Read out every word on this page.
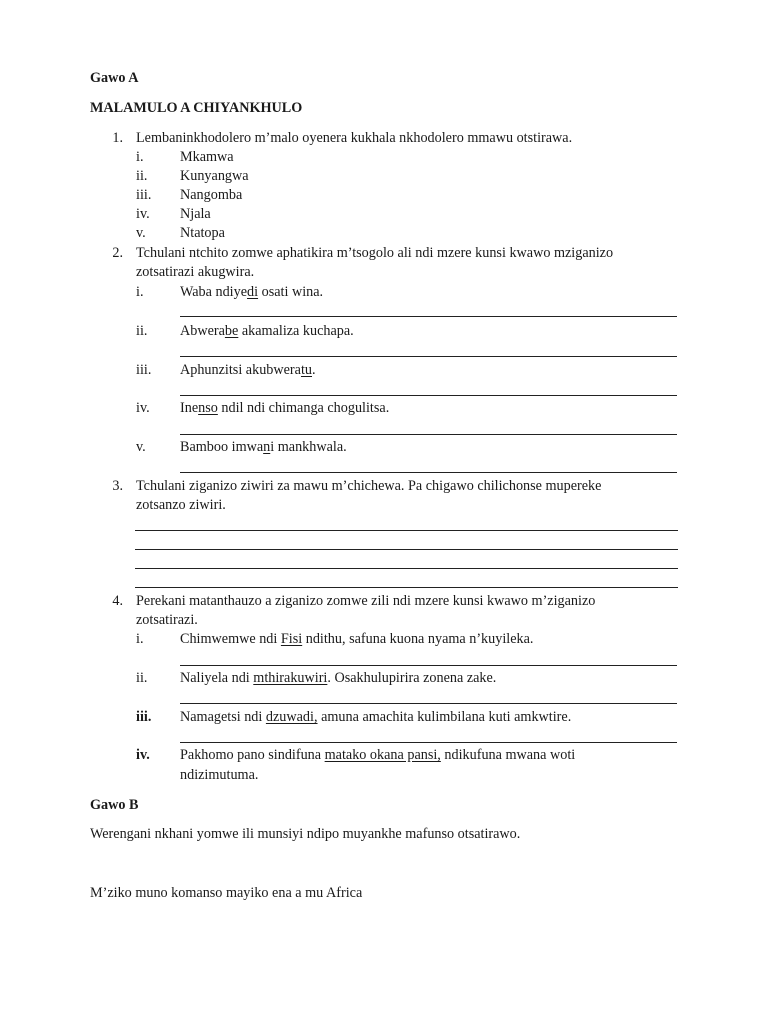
Gawo A
MALAMULO A CHIYANKHULO
1. Lembaninkhodolero m’malo oyenera kukhala nkhodolero mmawu otstirawa.
i.	Mkamwa
ii. Kunyangwa
iii. Nangomba
iv. Njala
v. Ntatopa
2. Tchulani ntchito zomwe aphatikira m’tsogolo ali ndi mzere kunsi kwawo mziganizo
zotsatirazi akugwira.
i.	Waba ndiyedi osati wina.
ii. Abwerabe akamaliza kuchapa.
iii. Aphunzitsi akubweratu.
iv. Inenso ndil ndi chimanga chogulitsa.
v. Bamboo imwani mankhwala.
3. Tchulani ziganizo ziwiri za mawu m’chichewa. Pa chigawo chilichonse mupereke
zotsanzo ziwiri.
4. Perekani matanthauzo a ziganizo zomwe zili ndi mzere kunsi kwawo m’ziganizo
zotsatirazi.
i.	Chimwemwe ndi Fisi ndithu, safuna kuona nyama n’kuyileka.
ii. Naliyela ndi mthirakuwiri. Osakhulupirira zonena zake.
iii. Namagetsi ndi dzuwadi, amuna amachita kulimbilana kuti amkwtire.
iv. Pakhomo pano sindifuna matako okana pansi, ndikufuna mwana woti
ndizimutuma.
Gawo B
Werengani nkhani yomwe ili munsiyi ndipo muyankhe mafunso otsatirawo.
M’ziko muno komanso mayiko ena a mu Africa
